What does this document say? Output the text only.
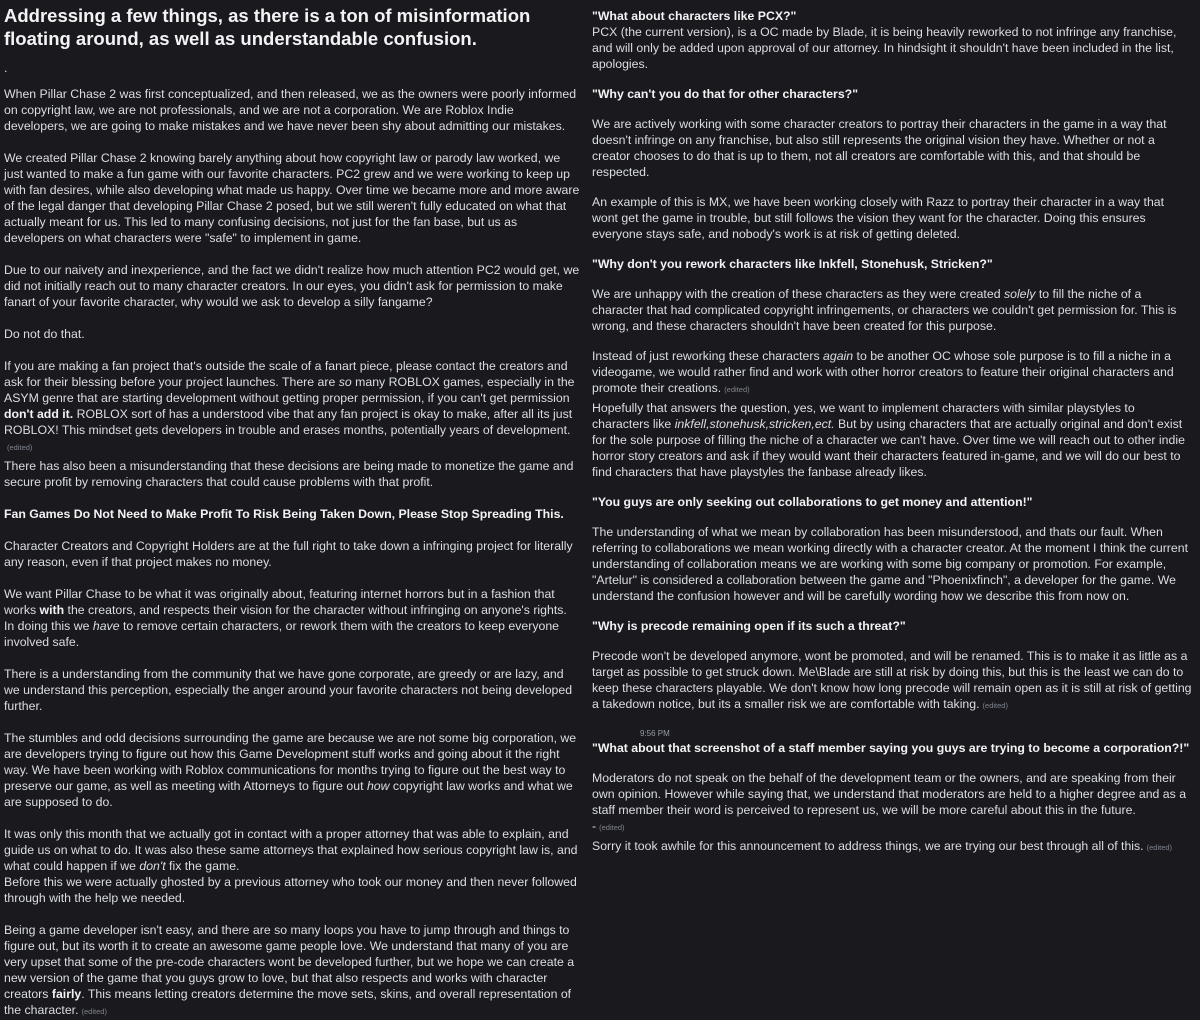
Addressing a few things, as there is a ton of misinformation floating around, as well as understandable confusion.

.

When Pillar Chase 2 was first conceptualized, and then released, we as the owners were poorly informed on copyright law, we are not professionals, and we are not a corporation. We are Roblox Indie developers, we are going to make mistakes and we have never been shy about admitting our mistakes.

We created Pillar Chase 2 knowing barely anything about how copyright law or parody law worked, we just wanted to make a fun game with our favorite characters. PC2 grew and we were working to keep up with fan desires, while also developing what made us happy. Over time we became more and more aware of the legal danger that developing Pillar Chase 2 posed, but we still weren't fully educated on what that actually meant for us. This led to many confusing decisions, not just for the fan base, but us as developers on what characters were "safe" to implement in game.

Due to our naivety and inexperience, and the fact we didn't realize how much attention PC2 would get, we did not initially reach out to many character creators. In our eyes, you didn't ask for permission to make fanart of your favorite character, why would we ask to develop a silly fangame?

Do not do that.

If you are making a fan project that's outside the scale of a fanart piece, please contact the creators and ask for their blessing before your project launches. There are so many ROBLOX games, especially in the ASYM genre that are starting development without getting proper permission, if you can't get permission don't add it. ROBLOX sort of has a understood vibe that any fan project is okay to make, after all its just ROBLOX! This mindset gets developers in trouble and erases months, potentially years of development.(edited)

There has also been a misunderstanding that these decisions are being made to monetize the game and secure profit by removing characters that could cause problems with that profit.

Fan Games Do Not Need to Make Profit To Risk Being Taken Down, Please Stop Spreading This.

Character Creators and Copyright Holders are at the full right to take down a infringing project for literally any reason, even if that project makes no money.

We want Pillar Chase to be what it was originally about, featuring internet horrors but in a fashion that works with the creators, and respects their vision for the character without infringing on anyone's rights. In doing this we have to remove certain characters, or rework them with the creators to keep everyone involved safe.

There is a understanding from the community that we have gone corporate, are greedy or are lazy, and we understand this perception, especially the anger around your favorite characters not being developed further.

The stumbles and odd decisions surrounding the game are because we are not some big corporation, we are developers trying to figure out how this Game Development stuff works and going about it the right way. We have been working with Roblox communications for months trying to figure out the best way to preserve our game, as well as meeting with Attorneys to figure out how copyright law works and what we are supposed to do.

It was only this month that we actually got in contact with a proper attorney that was able to explain, and guide us on what to do. It was also these same attorneys that explained how serious copyright law is, and what could happen if we don't fix the game.

Before this we were actually ghosted by a previous attorney who took our money and then never followed through with the help we needed.

Being a game developer isn't easy, and there are so many loops you have to jump through and things to figure out, but its worth it to create an awesome game people love. We understand that many of you are very upset that some of the pre-code characters wont be developed further, but we hope we can create a new version of the game that you guys grow to love, but that also respects and works with character creators fairly. This means letting creators determine the move sets, skins, and overall representation of the character. (edited)

"What about characters like PCX?"

PCX (the current version), is a OC made by Blade, it is being heavily reworked to not infringe any franchise, and will only be added upon approval of our attorney. In hindsight it shouldn't have been included in the list, apologies.

"Why can't you do that for other characters?"

We are actively working with some character creators to portray their characters in the game in a way that doesn't infringe on any franchise, but also still represents the original vision they have. Whether or not a creator chooses to do that is up to them, not all creators are comfortable with this, and that should be respected.

An example of this is MX, we have been working closely with Razz to portray their character in a way that wont get the game in trouble, but still follows the vision they want for the character. Doing this ensures everyone stays safe, and nobody's work is at risk of getting deleted.

"Why don't you rework characters like Inkfell, Stonehusk, Stricken?"

We are unhappy with the creation of these characters as they were created solely to fill the niche of a character that had complicated copyright infringements, or characters we couldn't get permission for. This is wrong, and these characters shouldn't have been created for this purpose.

Instead of just reworking these characters again to be another OC whose sole purpose is to fill a niche in a videogame, we would rather find and work with other horror creators to feature their original characters and promote their creations. (edited)

Hopefully that answers the question, yes, we want to implement characters with similar playstyles to characters like inkfell,stonehusk,stricken,ect. But by using characters that are actually original and don't exist for the sole purpose of filling the niche of a character we can't have. Over time we will reach out to other indie horror story creators and ask if they would want their characters featured in-game, and we will do our best to find characters that have playstyles the fanbase already likes.

"You guys are only seeking out collaborations to get money and attention!"

The understanding of what we mean by collaboration has been misunderstood, and thats our fault. When referring to collaborations we mean working directly with a character creator. At the moment I think the current understanding of collaboration means we are working with some big company or promotion. For example, "Artelur" is considered a collaboration between the game and "Phoenixfinch", a developer for the game. We understand the confusion however and will be carefully wording how we describe this from now on.

"Why is precode remaining open if its such a threat?"

Precode won't be developed anymore, wont be promoted, and will be renamed. This is to make it as little as a target as possible to get struck down. Me\Blade are still at risk by doing this, but this is the least we can do to keep these characters playable. We don't know how long precode will remain open as it is still at risk of getting a takedown notice, but its a smaller risk we are comfortable with taking. (edited)

9:56 PM

"What about that screenshot of a staff member saying you guys are trying to become a corporation?!"

Moderators do not speak on the behalf of the development team or the owners, and are speaking from their own opinion. However while saying that, we understand that moderators are held to a higher degree and as a staff member their word is perceived to represent us, we will be more careful about this in the future.

- (edited)

Sorry it took awhile for this announcement to address things, we are trying our best through all of this. (edited)
